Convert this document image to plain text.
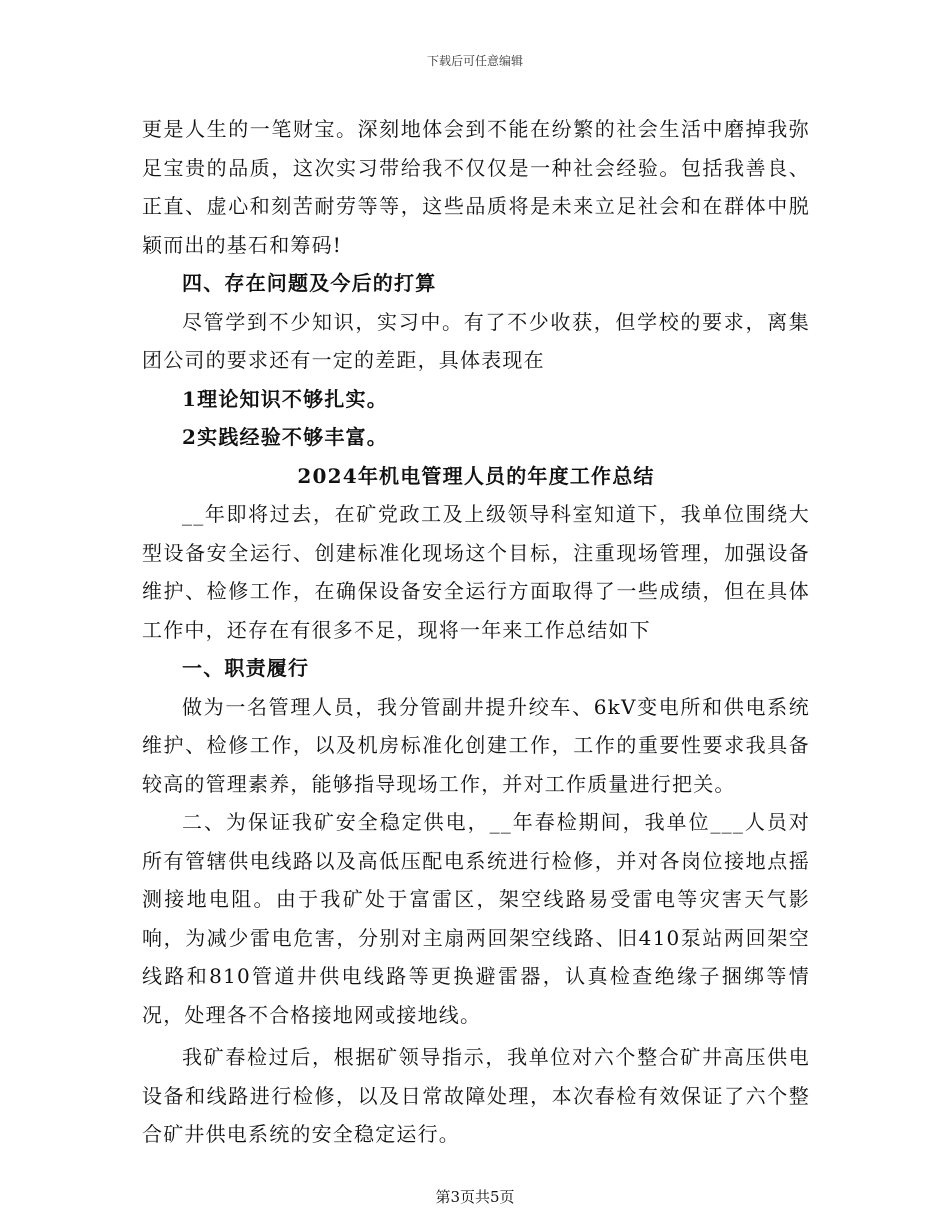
下载后可任意编辑

更是人生的一笔财宝。深刻地体会到不能在纷繁的社会生活中磨掉我弥足宝贵的品质，这次实习带给我不仅仅是一种社会经验。包括我善良、正直、虚心和刻苦耐劳等等，这些品质将是未来立足社会和在群体中脱颖而出的基石和筹码!

四、存在问题及今后的打算

尽管学到不少知识，实习中。有了不少收获，但学校的要求，离集团公司的要求还有一定的差距，具体表现在

1理论知识不够扎实。

2实践经验不够丰富。

2024年机电管理人员的年度工作总结

__年即将过去，在矿党政工及上级领导科室知道下，我单位围绕大型设备安全运行、创建标准化现场这个目标，注重现场管理，加强设备维护、检修工作，在确保设备安全运行方面取得了一些成绩，但在具体工作中，还存在有很多不足，现将一年来工作总结如下

一、职责履行

做为一名管理人员，我分管副井提升绞车、6kV变电所和供电系统维护、检修工作，以及机房标准化创建工作，工作的重要性要求我具备较高的管理素养，能够指导现场工作，并对工作质量进行把关。

二、为保证我矿安全稳定供电，__年春检期间，我单位___人员对所有管辖供电线路以及高低压配电系统进行检修，并对各岗位接地点摇测接地电阻。由于我矿处于富雷区，架空线路易受雷电等灾害天气影响，为减少雷电危害，分别对主扇两回架空线路、旧410泵站两回架空线路和810管道井供电线路等更换避雷器，认真检查绝缘子捆绑等情况，处理各不合格接地网或接地线。

我矿春检过后，根据矿领导指示，我单位对六个整合矿井高压供电设备和线路进行检修，以及日常故障处理，本次春检有效保证了六个整合矿井供电系统的安全稳定运行。

第3页共5页
